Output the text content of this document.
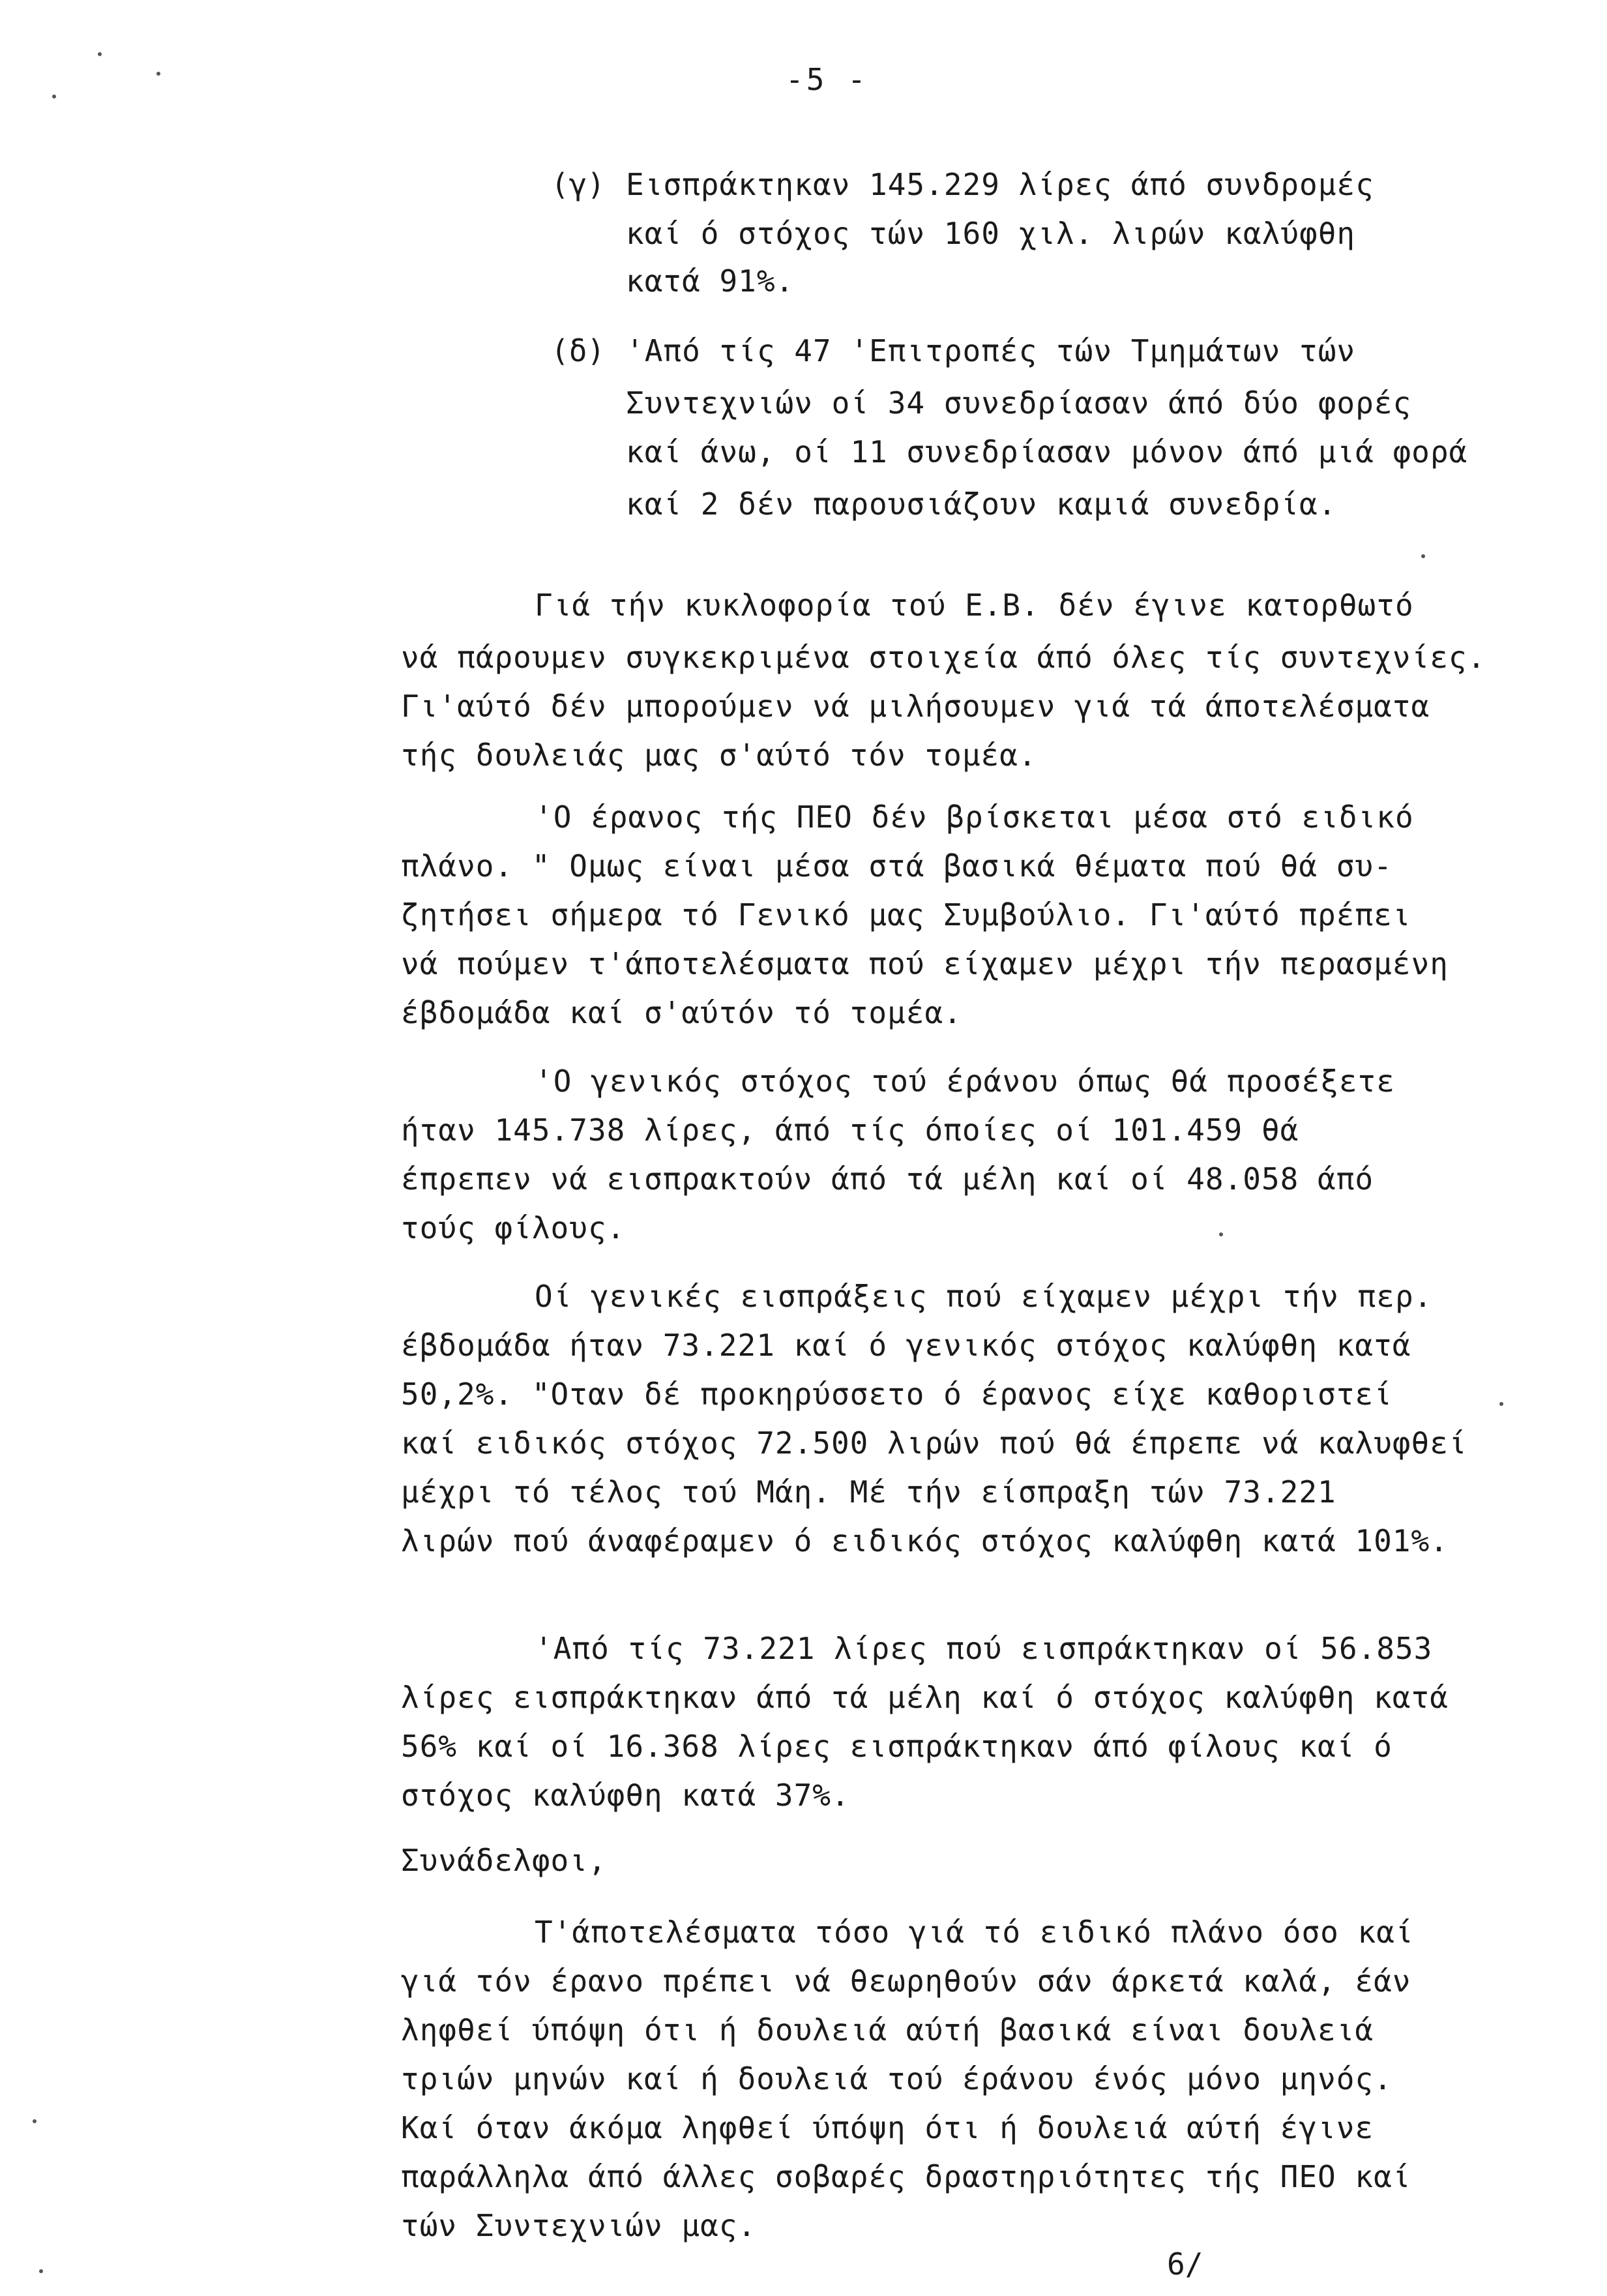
-5 -
(γ) Εισπράκτηκαν 145.229 λίρες άπό συνδρομές
καί ό στόχος τών 160 χιλ. λιρών καλύφθη
κατά 91%.
(δ) 'Από τίς 47 'Επιτροπές τών Τμημάτων τών
Συντεχνιών οί 34 συνεδρίασαν άπό δύο φορές
καί άνω, οί 11 συνεδρίασαν μόνον άπό μιά φορά
καί 2 δέν παρουσιάζουν καμιά συνεδρία.
Γιά τήν κυκλοφορία τού Ε.Β. δέν έγινε κατορθωτό
νά πάρουμεν συγκεκριμένα στοιχεία άπό όλες τίς συντεχνίες.
Γι'αύτό δέν μπορούμεν νά μιλήσουμεν γιά τά άποτελέσματα
τής δουλειάς μας σ'αύτό τόν τομέα.
'Ο έρανος τής ΠΕΟ δέν βρίσκεται μέσα στό ειδικό
πλάνο. " Ομως είναι μέσα στά βασικά θέματα πού θά συ-
ζητήσει σήμερα τό Γενικό μας Συμβούλιο. Γι'αύτό πρέπει
νά πούμεν τ'άποτελέσματα πού είχαμεν μέχρι τήν περασμένη
έβδομάδα καί σ'αύτόν τό τομέα.
'Ο γενικός στόχος τού έράνου όπως θά προσέξετε
ήταν 145.738 λίρες, άπό τίς όποίες οί 101.459 θά
έπρεπεν νά εισπρακτούν άπό τά μέλη καί οί 48.058 άπό
τούς φίλους.
Οί γενικές εισπράξεις πού είχαμεν μέχρι τήν περ.
έβδομάδα ήταν 73.221 καί ό γενικός στόχος καλύφθη κατά
50,2%. "Οταν δέ προκηρύσσετο ό έρανος είχε καθοριστεί
καί ειδικός στόχος 72.500 λιρών πού θά έπρεπε νά καλυφθεί
μέχρι τό τέλος τού Μάη. Μέ τήν είσπραξη τών 73.221
λιρών πού άναφέραμεν ό ειδικός στόχος καλύφθη κατά 101%.
'Από τίς 73.221 λίρες πού εισπράκτηκαν οί 56.853
λίρες εισπράκτηκαν άπό τά μέλη καί ό στόχος καλύφθη κατά
56% καί οί 16.368 λίρες εισπράκτηκαν άπό φίλους καί ό
στόχος καλύφθη κατά 37%.
Συνάδελφοι,
Τ'άποτελέσματα τόσο γιά τό ειδικό πλάνο όσο καί
γιά τόν έρανο πρέπει νά θεωρηθούν σάν άρκετά καλά, έάν
ληφθεί ύπόψη ότι ή δουλειά αύτή βασικά είναι δουλειά
τριών μηνών καί ή δουλειά τού έράνου ένός μόνο μηνός.
Καί όταν άκόμα ληφθεί ύπόψη ότι ή δουλειά αύτή έγινε
παράλληλα άπό άλλες σοβαρές δραστηριότητες τής ΠΕΟ καί
τών Συντεχνιών μας.
6/
